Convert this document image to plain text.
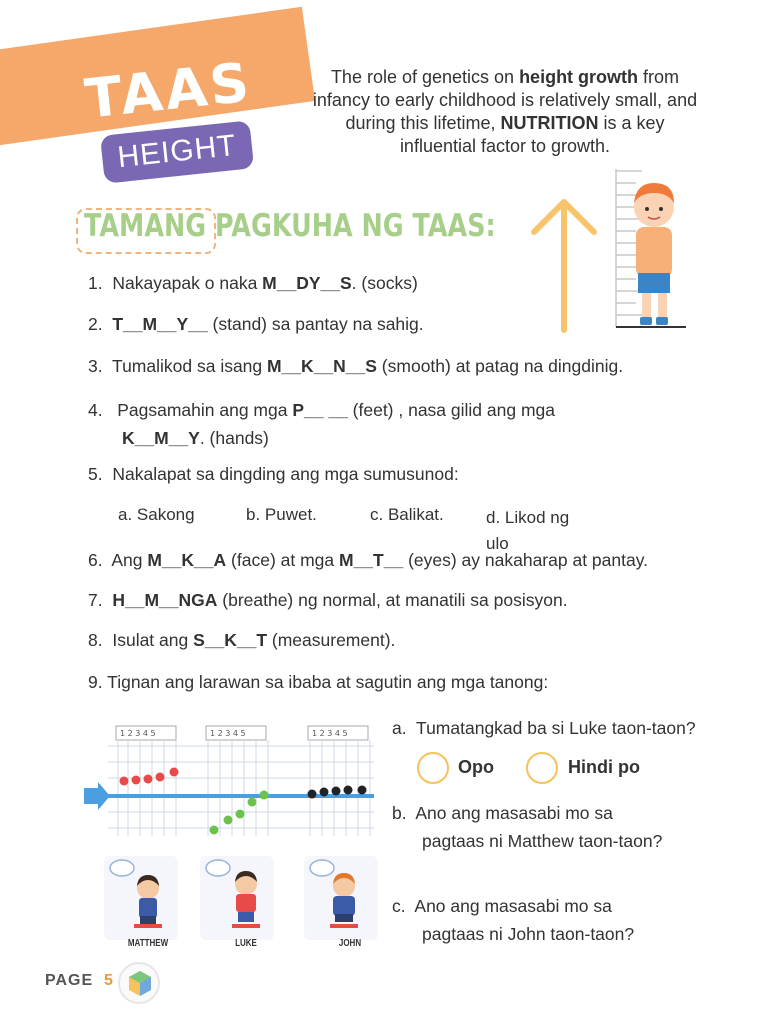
TAAS
HEIGHT
The role of genetics on height growth from infancy to early childhood is relatively small, and during this lifetime, NUTRITION is a key influential factor to growth.
TAMANG PAGKUHA NG TAAS:
1. Nakayapak o naka M__DY__S. (socks)
2. T__M__Y__ (stand) sa pantay na sahig.
3. Tumalikod sa isang M__K__N__S (smooth) at patag na dingdinig.
4. Pagsamahin ang mga P__ __ (feet) , nasa gilid ang mga
K__M__Y. (hands)
5. Nakalapat sa dingding ang mga sumusunod:
a. Sakong	b. Puwet.	c. Balikat. d. Likod ng ulo
6. Ang M__K__A (face) at mga M__T__ (eyes) ay nakaharap at pantay.
7. H__M__NGA (breathe) ng normal, at manatili sa posisyon.
8. Isulat ang S__K__T (measurement).
9. Tignan ang larawan sa ibaba at sagutin ang mga tanong:
1 2 3 4 5	1 2 3 4 5	1 2 3 4 5
MATTHEW	LUKE	JOHN
a. Tumatangkad ba si Luke taon-taon?
Opo	Hindi po
b. Ano ang masasabi mo sa
pagtaas ni Matthew taon-taon?
c. Ano ang masasabi mo sa
pagtaas ni John taon-taon?
PAGE 5
